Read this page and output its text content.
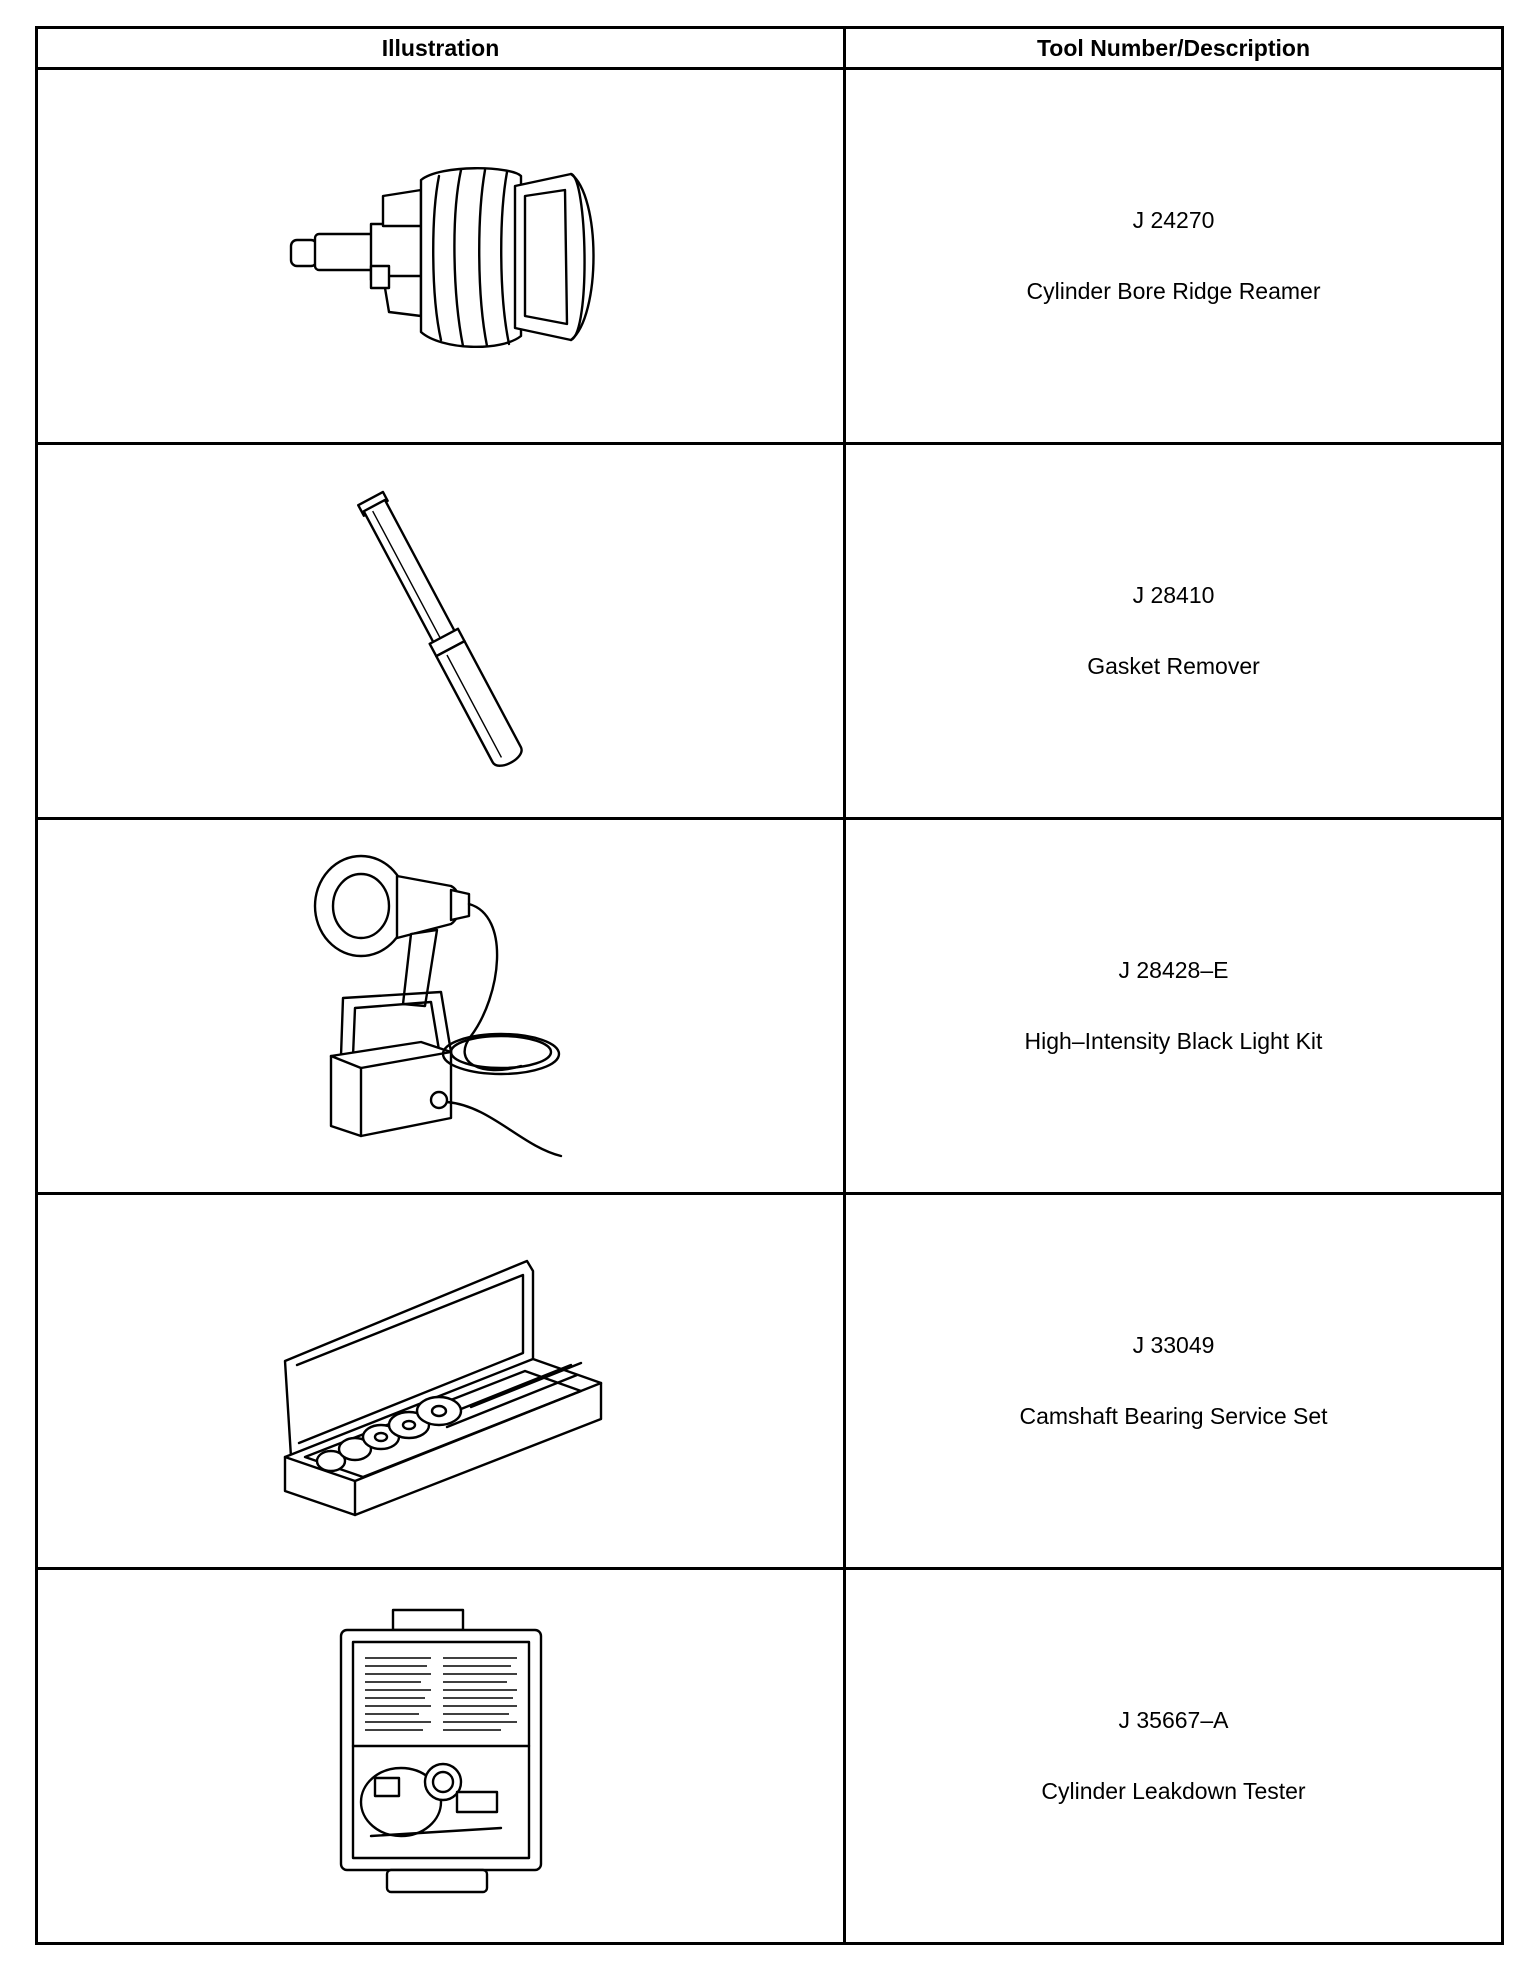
Illustration	Tool Number/Description

J 24270
Cylinder Bore Ridge Reamer

J 28410
Gasket Remover

J 28428–E
High–Intensity Black Light Kit

J 33049
Camshaft Bearing Service Set

J 35667–A
Cylinder Leakdown Tester
